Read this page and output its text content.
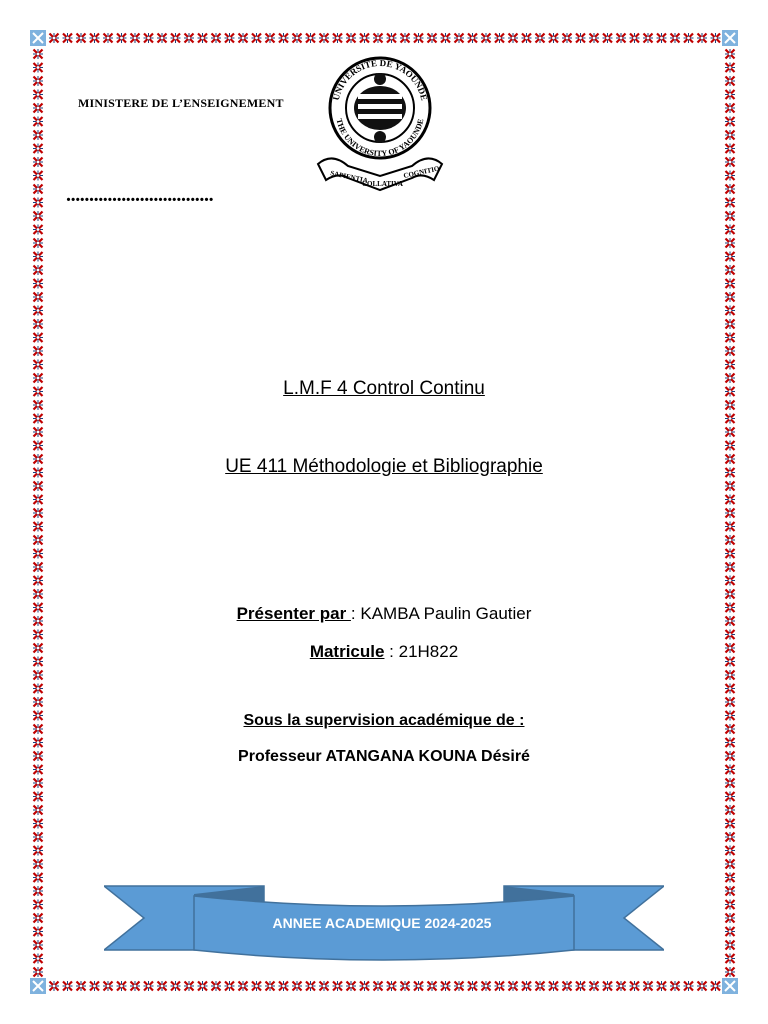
MINISTERE DE L’ENSEIGNEMENT	UNIVERSITE DE YAOUNDE
THE UNIVERSITY OF YAOUNDE
SAPIENTIA
COLLATIVA
COGNITIO
................................
L.M.F 4 Control Continu
UE 411 Méthodologie et Bibliographie
Présenter par : KAMBA Paulin Gautier
Matricule : 21H822
Sous la supervision académique de :
Professeur ATANGANA KOUNA Désiré
ANNEE ACADEMIQUE 2024-2025
